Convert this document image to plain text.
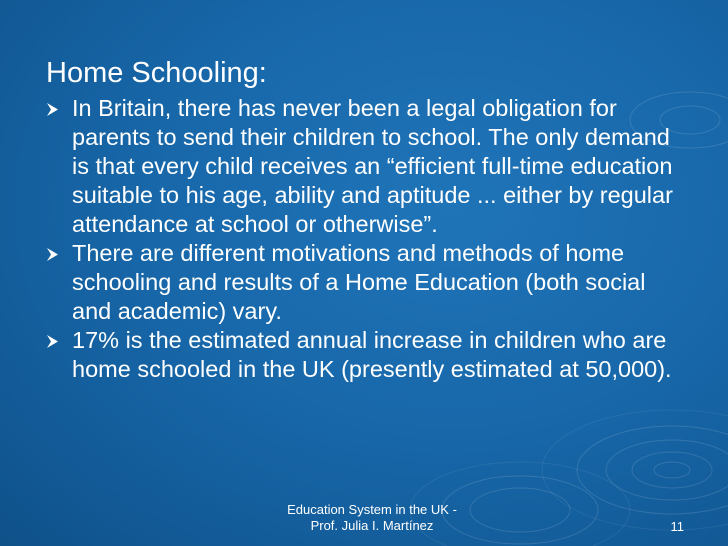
Home Schooling:
In Britain, there has never been a legal obligation for parents to send their children to school. The only demand is that every child receives an “efficient full-time education suitable to his age, ability and aptitude ... either by regular attendance at school or otherwise”.
There are different motivations and methods of home schooling and results of a Home Education (both social and academic) vary.
17% is the estimated annual increase in children who are home schooled in the UK (presently estimated at 50,000).
Education System in the UK -
Prof. Julia I. Martínez	11
